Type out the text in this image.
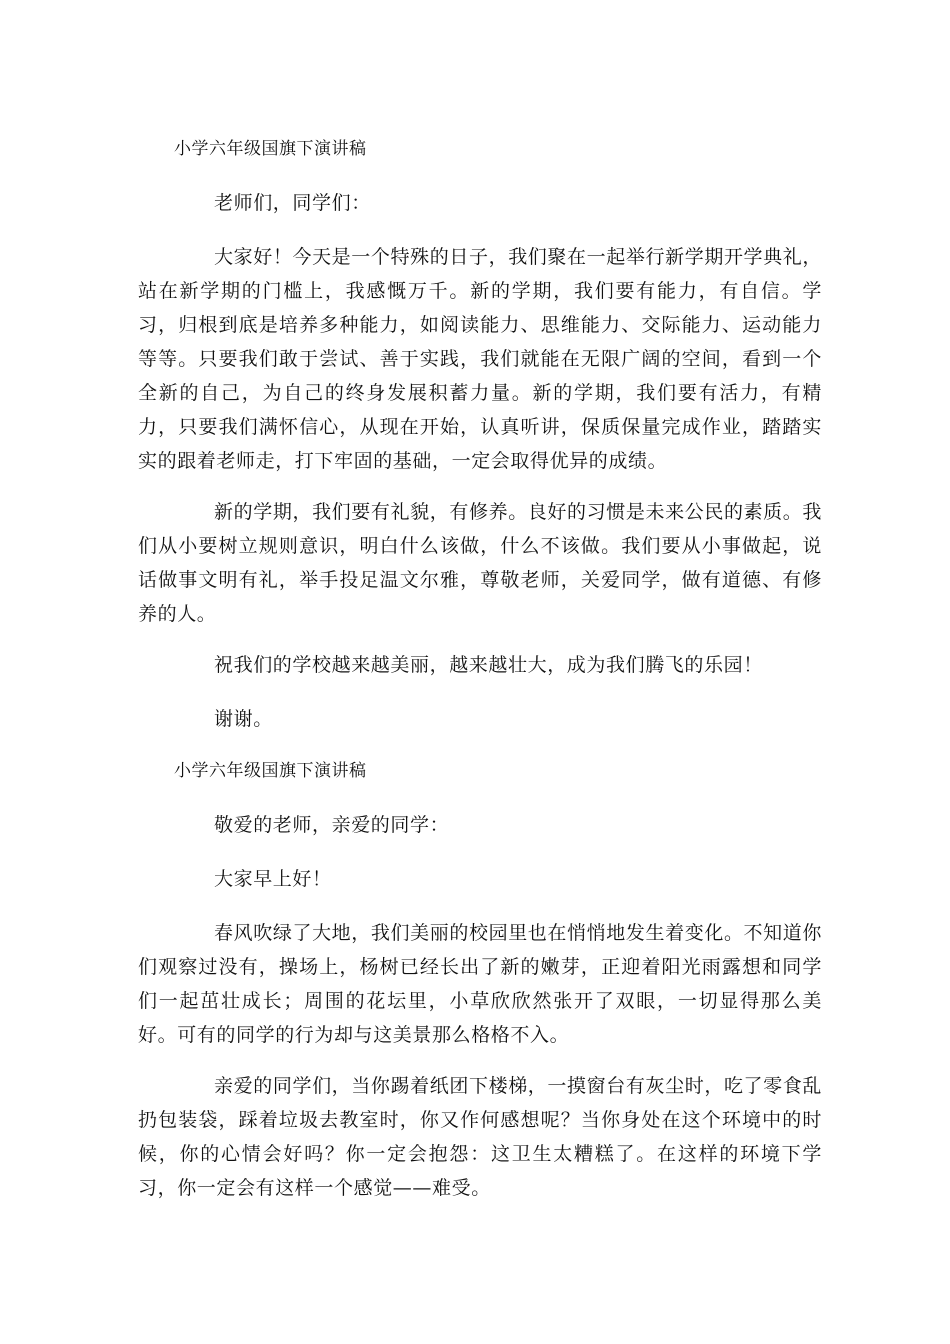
小学六年级国旗下演讲稿

老师们，同学们：

大家好！今天是一个特殊的日子，我们聚在一起举行新学期开学典礼，站在新学期的门槛上，我感慨万千。新的学期，我们要有能力，有自信。学习，归根到底是培养多种能力，如阅读能力、思维能力、交际能力、运动能力等等。只要我们敢于尝试、善于实践，我们就能在无限广阔的空间，看到一个全新的自己，为自己的终身发展积蓄力量。新的学期，我们要有活力，有精力，只要我们满怀信心，从现在开始，认真听讲，保质保量完成作业，踏踏实实的跟着老师走，打下牢固的基础，一定会取得优异的成绩。

新的学期，我们要有礼貌，有修养。良好的习惯是未来公民的素质。我们从小要树立规则意识，明白什么该做，什么不该做。我们要从小事做起，说话做事文明有礼，举手投足温文尔雅，尊敬老师，关爱同学，做有道德、有修养的人。

祝我们的学校越来越美丽，越来越壮大，成为我们腾飞的乐园！

谢谢。

小学六年级国旗下演讲稿

敬爱的老师，亲爱的同学：

大家早上好！

春风吹绿了大地，我们美丽的校园里也在悄悄地发生着变化。不知道你们观察过没有，操场上，杨树已经长出了新的嫩芽，正迎着阳光雨露想和同学们一起茁壮成长；周围的花坛里，小草欣欣然张开了双眼，一切显得那么美好。可有的同学的行为却与这美景那么格格不入。

亲爱的同学们，当你踢着纸团下楼梯，一摸窗台有灰尘时，吃了零食乱扔包装袋，踩着垃圾去教室时，你又作何感想呢？当你身处在这个环境中的时候，你的心情会好吗？你一定会抱怨：这卫生太糟糕了。在这样的环境下学习，你一定会有这样一个感觉——难受。
